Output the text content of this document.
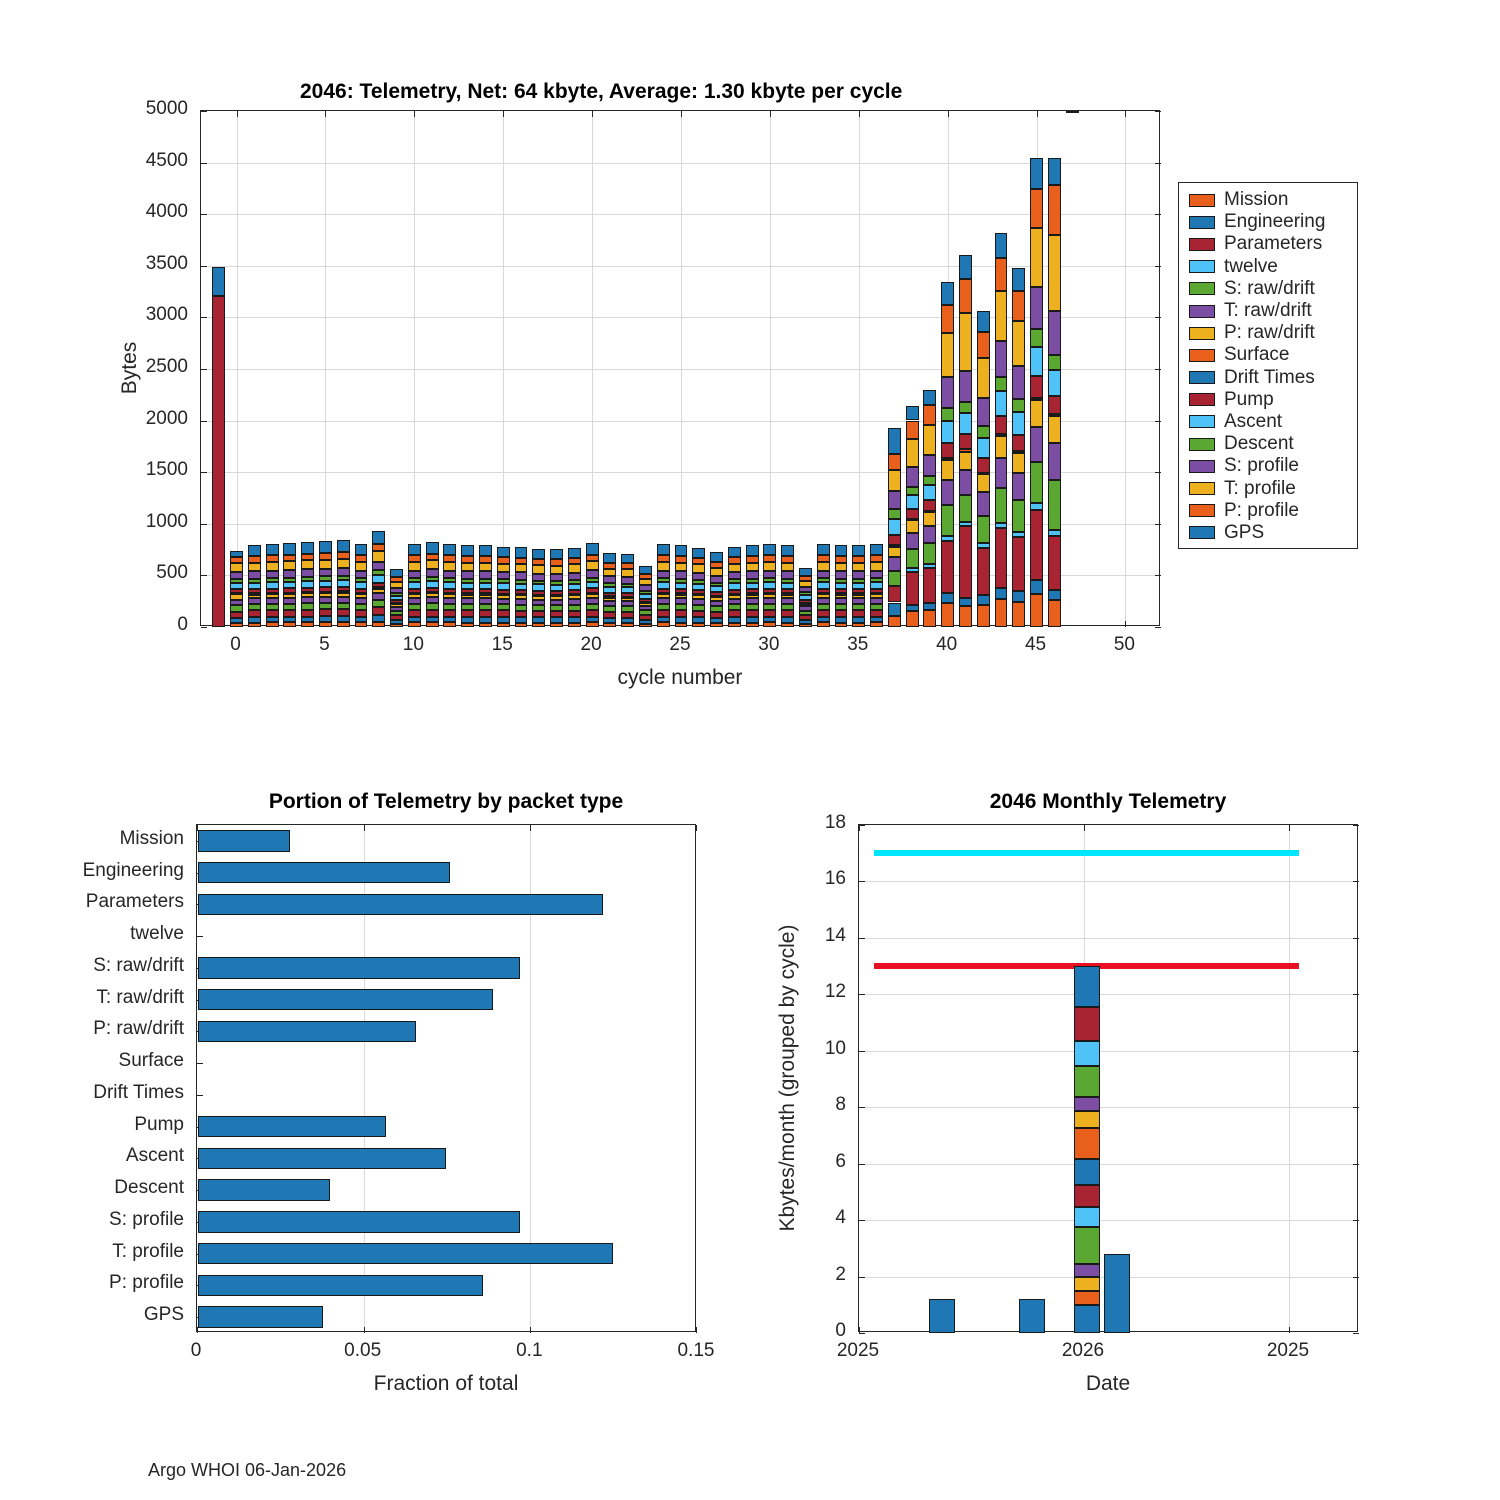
2046: Telemetry, Net: 64 kbyte, Average: 1.30 kbyte per cycle
cycle number
Bytes
0
500
1000
1500
2000
2500
3000
3500
4000
4500
5000
0	5	10	15	20	25	30	35	40	45	50
Mission
Engineering
Parameters
twelve
S: raw/drift
T: raw/drift
P: raw/drift
Surface
Drift Times
Pump
Ascent
Descent
S: profile
T: profile
P: profile
GPS
Portion of Telemetry by packet type
Fraction of total
0	0.05	0.1	0.15
Mission
Engineering
Parameters
twelve
S: raw/drift
T: raw/drift
P: raw/drift
Surface
Drift Times
Pump
Ascent
Descent
S: profile
T: profile
P: profile
GPS
2046 Monthly Telemetry
Date
Kbytes/month (grouped by cycle)
0
2
4
6
8
10
12
14
16
18
2025	2026	2025
Argo WHOI 06-Jan-2026
